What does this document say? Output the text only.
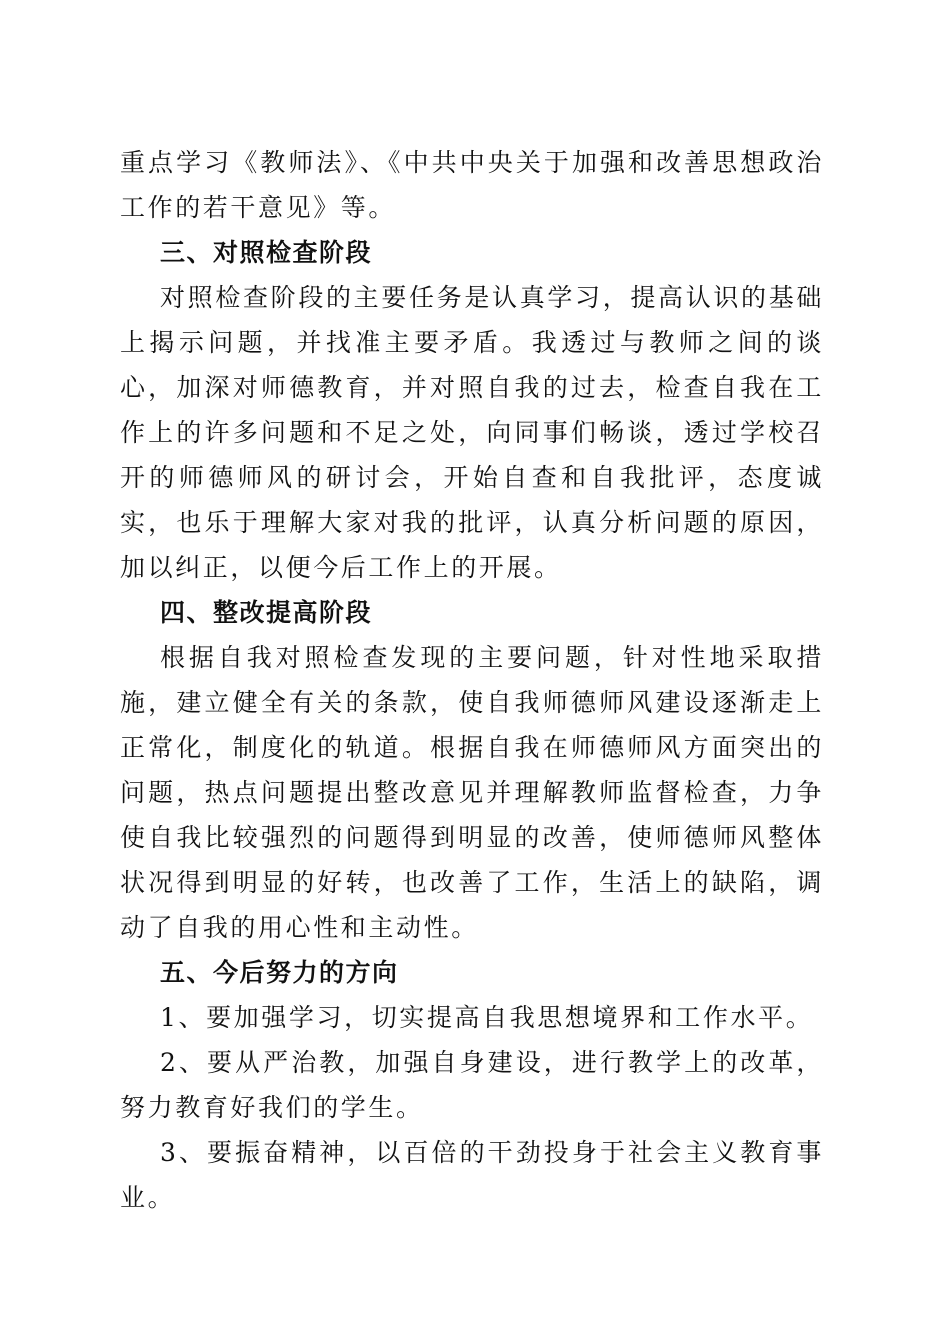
重点学习《教师法》、《中共中央关于加强和改善思想政治工作的若干意见》等。

三、对照检查阶段

对照检查阶段的主要任务是认真学习，提高认识的基础上揭示问题，并找准主要矛盾。我透过与教师之间的谈心，加深对师德教育，并对照自我的过去，检查自我在工作上的许多问题和不足之处，向同事们畅谈，透过学校召开的师德师风的研讨会，开始自查和自我批评，态度诚实，也乐于理解大家对我的批评，认真分析问题的原因，加以纠正，以便今后工作上的开展。

四、整改提高阶段

根据自我对照检查发现的主要问题，针对性地采取措施，建立健全有关的条款，使自我师德师风建设逐渐走上正常化，制度化的轨道。根据自我在师德师风方面突出的问题，热点问题提出整改意见并理解教师监督检查，力争使自我比较强烈的问题得到明显的改善，使师德师风整体状况得到明显的好转，也改善了工作，生活上的缺陷，调动了自我的用心性和主动性。

五、今后努力的方向

1、要加强学习，切实提高自我思想境界和工作水平。

2、要从严治教，加强自身建设，进行教学上的改革，努力教育好我们的学生。

3、要振奋精神，以百倍的干劲投身于社会主义教育事业。
